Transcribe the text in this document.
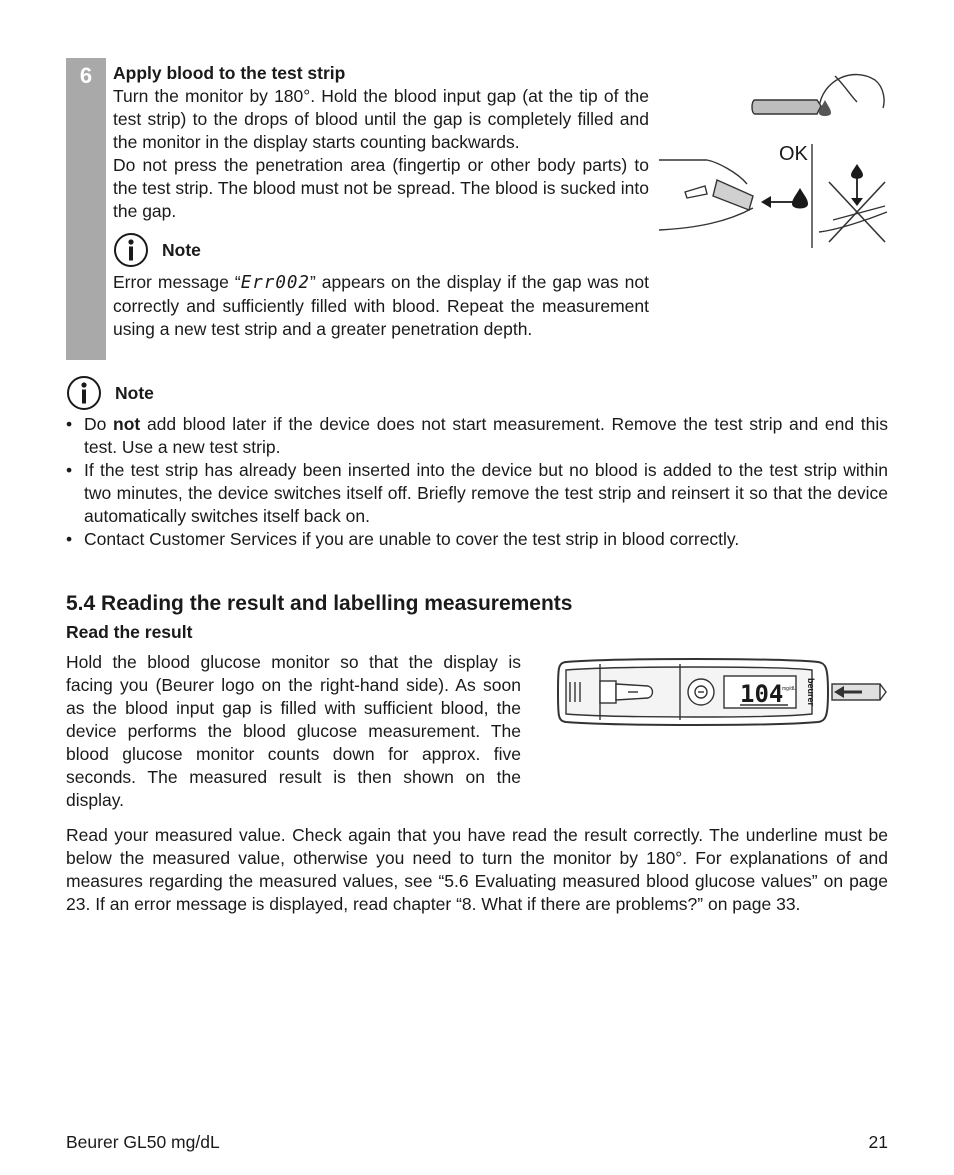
6	Apply blood to the test strip

Turn the monitor by 180°. Hold the blood input gap (at the tip of the test strip) to the drops of blood until the gap is completely filled and the monitor in the display starts counting backwards.

Do not press the penetration area (fingertip or other body parts) to the test strip. The blood must not be spread. The blood is sucked into the gap.

Note

Error message “Err002” appears on the display if the gap was not correctly and sufficiently filled with blood. Repeat the measurement using a new test strip and a greater penetration depth.

OK
Note
• Do not add blood later if the device does not start measurement. Remove the test strip and end this test. Use a new test strip.
• If the test strip has already been inserted into the device but no blood is added to the test strip within two minutes, the device switches itself off. Briefly remove the test strip and reinsert it so that the device automatically switches itself back on.
• Contact Customer Services if you are unable to cover the test strip in blood correctly.
5.4 Reading the result and labelling measurements

Read the result

Hold the blood glucose monitor so that the display is facing you (Beurer logo on the right-hand side). As soon as the blood input gap is filled with sufficient blood, the device performs the blood glucose measurement. The blood glucose monitor counts down for approx. five seconds. The measured result is then shown on the display.

Read your measured value. Check again that you have read the result correctly. The underline must be below the measured value, otherwise you need to turn the monitor by 180°. For explanations of and measures regarding the measured values, see “5.6 Evaluating measured blood glucose values” on page 23. If an error message is displayed, read chapter “8. What if there are problems?” on page 33.

104
mg/dL beurer
Beurer GL50 mg/dL	21
